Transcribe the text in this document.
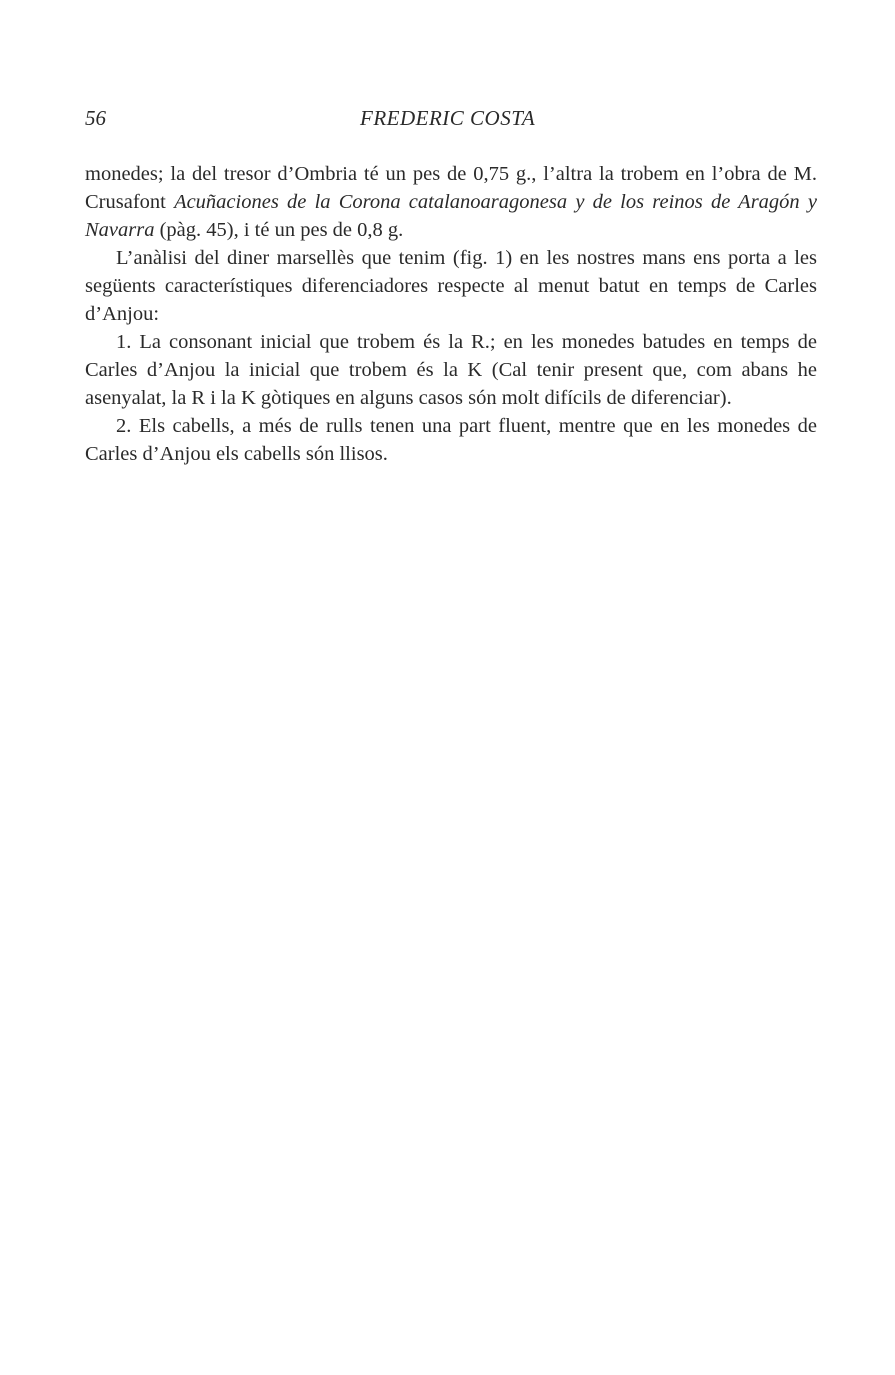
56	FREDERIC COSTA

monedes; la del tresor d’Ombria té un pes de 0,75 g., l’altra la trobem en l’obra de M. Crusafont Acuñaciones de la Corona catalanoaragonesa y de los reinos de Aragón y Navarra (pàg. 45), i té un pes de 0,8 g.

L’anàlisi del diner marsellès que tenim (fig. 1) en les nostres mans ens porta a les següents característiques diferenciadores respecte al menut batut en temps de Carles d’Anjou:

1. La consonant inicial que trobem és la R.; en les monedes batudes en temps de Carles d’Anjou la inicial que trobem és la K (Cal tenir present que, com abans he asenyalat, la R i la K gòtiques en alguns casos són molt difícils de diferenciar).

2. Els cabells, a més de rulls tenen una part fluent, mentre que en les monedes de Carles d’Anjou els cabells són llisos.
